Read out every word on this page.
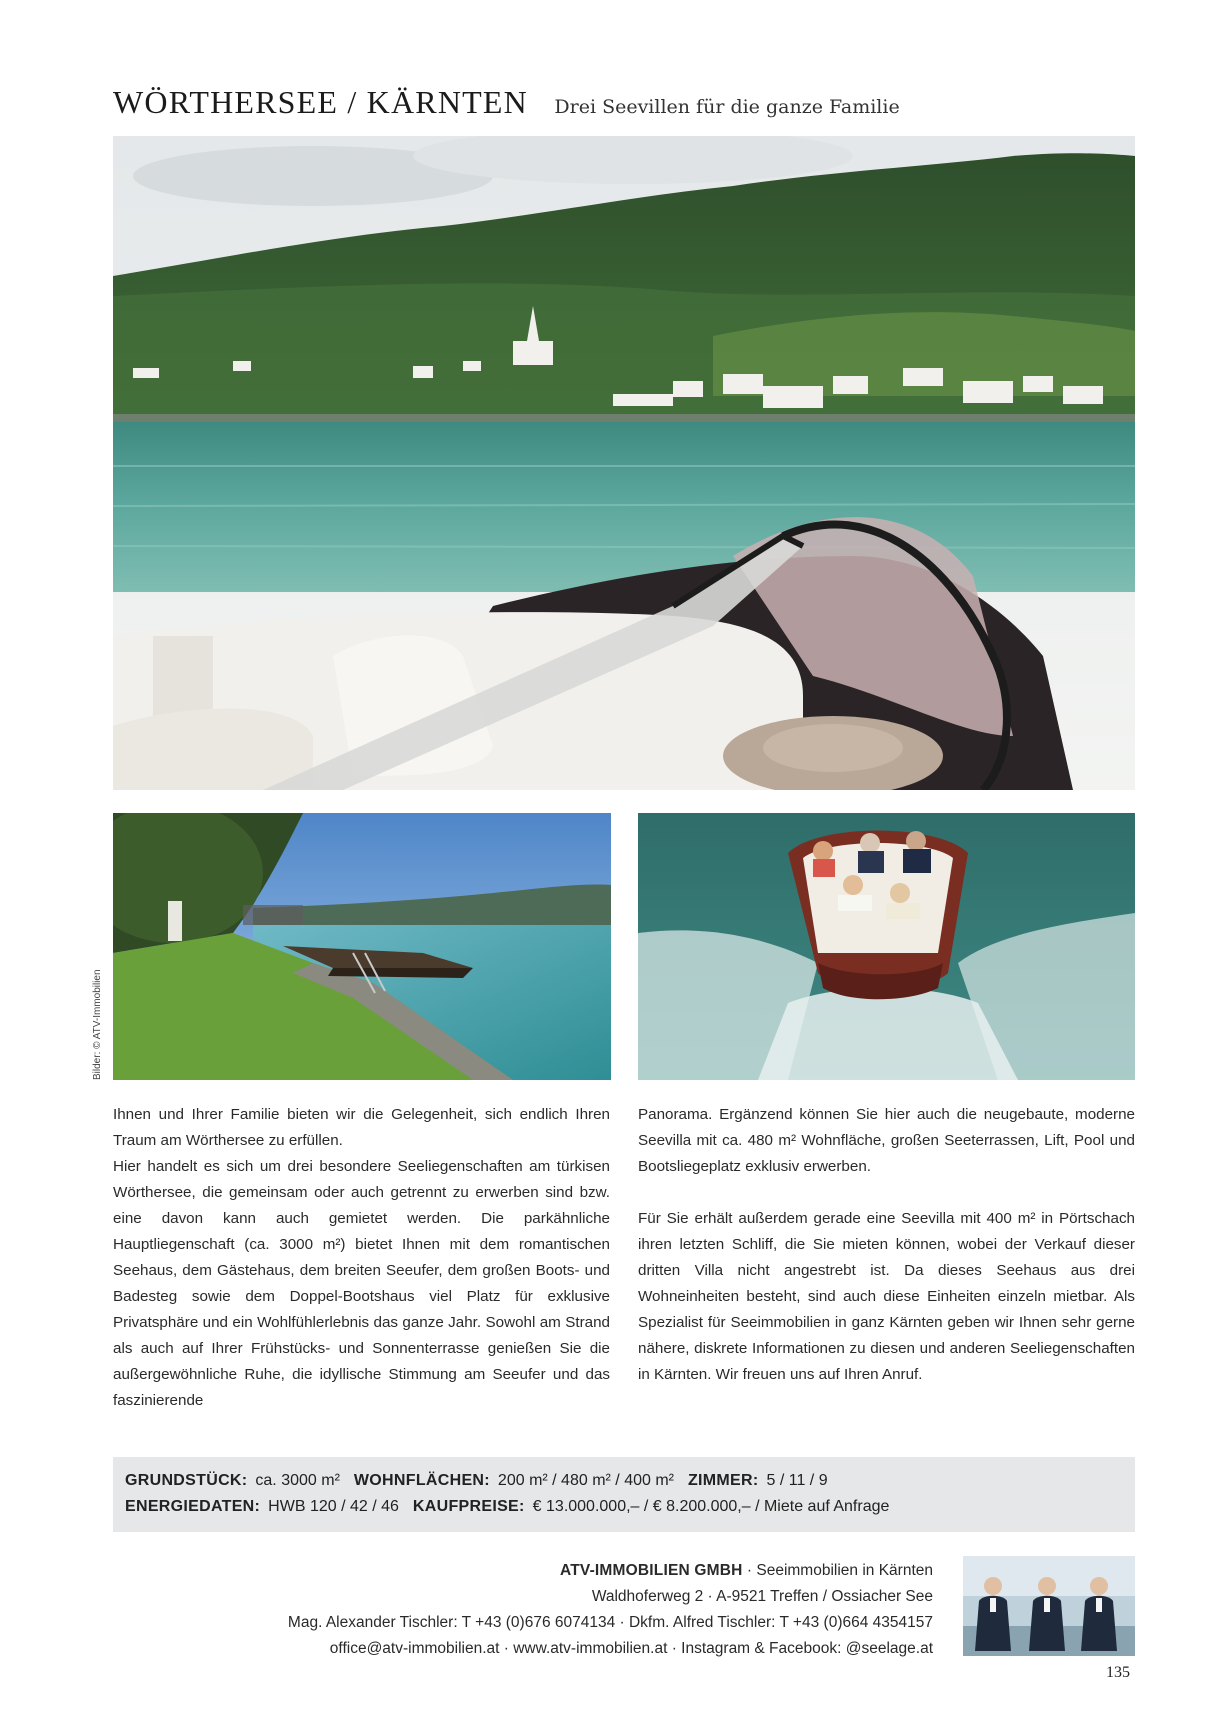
WÖRTHERSEE / KÄRNTEN Drei Seevillen für die ganze Familie
Bilder: © ATV-Immobilien

Ihnen und Ihrer Familie bieten wir die Gelegenheit, sich endlich Ihren Traum am Wörthersee zu erfüllen.

Hier handelt es sich um drei besondere Seeliegenschaften am türkisen Wörthersee, die gemeinsam oder auch getrennt zu erwerben sind bzw. eine davon kann auch gemietet werden. Die parkähnliche Hauptliegenschaft (ca. 3000 m²) bietet Ihnen mit dem romantischen Seehaus, dem Gästehaus, dem breiten Seeufer, dem großen Boots- und Badesteg sowie dem Doppel-Bootshaus viel Platz für exklusive Privatsphäre und ein Wohlfühlerlebnis das ganze Jahr. Sowohl am Strand als auch auf Ihrer Frühstücks- und Sonnenterrasse genießen Sie die außergewöhnliche Ruhe, die idyllische Stimmung am Seeufer und das faszinierende

Panorama. Ergänzend können Sie hier auch die neugebaute, moderne Seevilla mit ca. 480 m² Wohnfläche, großen Seeterrassen, Lift, Pool und Bootsliegeplatz exklusiv erwerben.

Für Sie erhält außerdem gerade eine Seevilla mit 400 m² in Pörtschach ihren letzten Schliff, die Sie mieten können, wobei der Verkauf dieser dritten Villa nicht angestrebt ist. Da dieses Seehaus aus drei Wohneinheiten besteht, sind auch diese Einheiten einzeln mietbar. Als Spezialist für Seeimmobilien in ganz Kärnten geben wir Ihnen sehr gerne nähere, diskrete Informationen zu diesen und anderen Seeliegenschaften in Kärnten. Wir freuen uns auf Ihren Anruf.

GRUNDSTÜCK: ca. 3000 m² WOHNFLÄCHEN: 200 m² / 480 m² / 400 m² ZIMMER: 5 / 11 / 9
ENERGIEDATEN: HWB 120 / 42 / 46 KAUFPREISE: € 13.000.000,– / € 8.200.000,– / Miete auf Anfrage
ATV-IMMOBILIEN GMBH · Seeimmobilien in Kärnten
Waldhoferweg 2 · A-9521 Treffen / Ossiacher See
Mag. Alexander Tischler: T +43 (0)676 6074134 · Dkfm. Alfred Tischler: T +43 (0)664 4354157
office@atv-immobilien.at · www.atv-immobilien.at · Instagram & Facebook: @seelage.at
135
